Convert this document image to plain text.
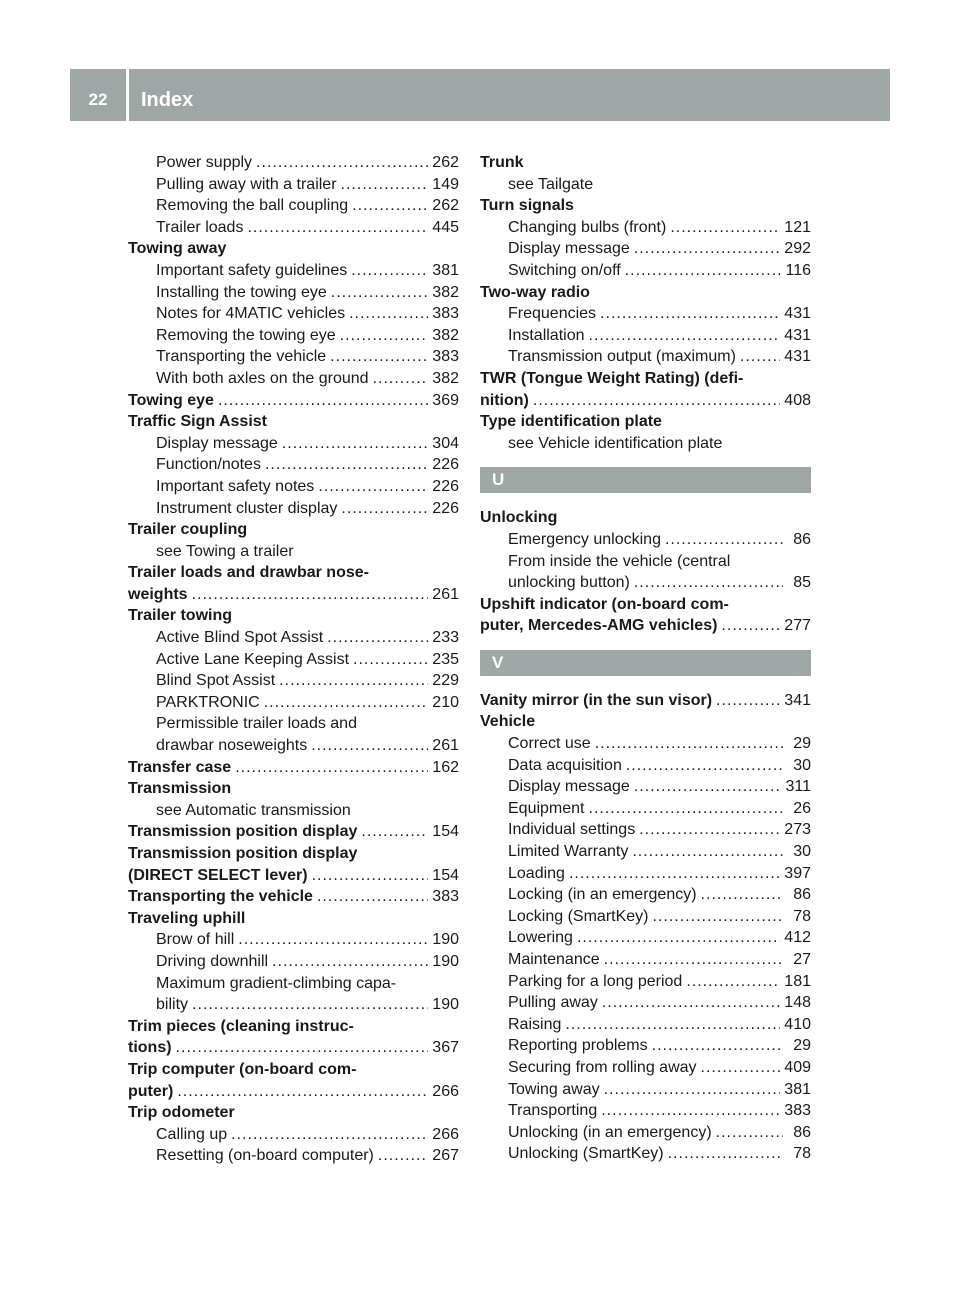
22	Index
Power supply .....	262
Pulling away with a trailer .....	149
Removing the ball coupling .....	262
Trailer loads .....	445
Towing away
Important safety guidelines .....	381
Installing the towing eye .....	382
Notes for 4MATIC vehicles .....	383
Removing the towing eye .....	382
Transporting the vehicle .....	383
With both axles on the ground .....	382
Towing eye .....	369
Traffic Sign Assist
Display message .....	304
Function/notes .....	226
Important safety notes .....	226
Instrument cluster display .....	226
Trailer coupling
see Towing a trailer
Trailer loads and drawbar nose-
weights .....	261
Trailer towing
Active Blind Spot Assist .....	233
Active Lane Keeping Assist .....	235
Blind Spot Assist .....	229
PARKTRONIC .....	210
Permissible trailer loads and
drawbar noseweights .....	261
Transfer case .....	162
Transmission
see Automatic transmission
Transmission position display .....	154
Transmission position display
(DIRECT SELECT lever) .....	154
Transporting the vehicle .....	383
Traveling uphill
Brow of hill .....	190
Driving downhill .....	190
Maximum gradient-climbing capa-
bility .....	190
Trim pieces (cleaning instruc-
tions) .....	367
Trip computer (on-board com-
puter) .....	266
Trip odometer
Calling up .....	266
Resetting (on-board computer) .....	267
Trunk
see Tailgate
Turn signals
Changing bulbs (front) .....	121
Display message .....	292
Switching on/off .....	116
Two-way radio
Frequencies .....	431
Installation .....	431
Transmission output (maximum) .....	431
TWR (Tongue Weight Rating) (defi-
nition) .....	408
Type identification plate
see Vehicle identification plate
U
Unlocking
Emergency unlocking .....	86
From inside the vehicle (central
unlocking button) .....	85
Upshift indicator (on-board com-
puter, Mercedes-AMG vehicles) .....	277
V
Vanity mirror (in the sun visor) .....	341
Vehicle
Correct use .....	29
Data acquisition .....	30
Display message .....	311
Equipment .....	26
Individual settings .....	273
Limited Warranty .....	30
Loading .....	397
Locking (in an emergency) .....	86
Locking (SmartKey) .....	78
Lowering .....	412
Maintenance .....	27
Parking for a long period .....	181
Pulling away .....	148
Raising .....	410
Reporting problems .....	29
Securing from rolling away .....	409
Towing away .....	381
Transporting .....	383
Unlocking (in an emergency) .....	86
Unlocking (SmartKey) .....	78
